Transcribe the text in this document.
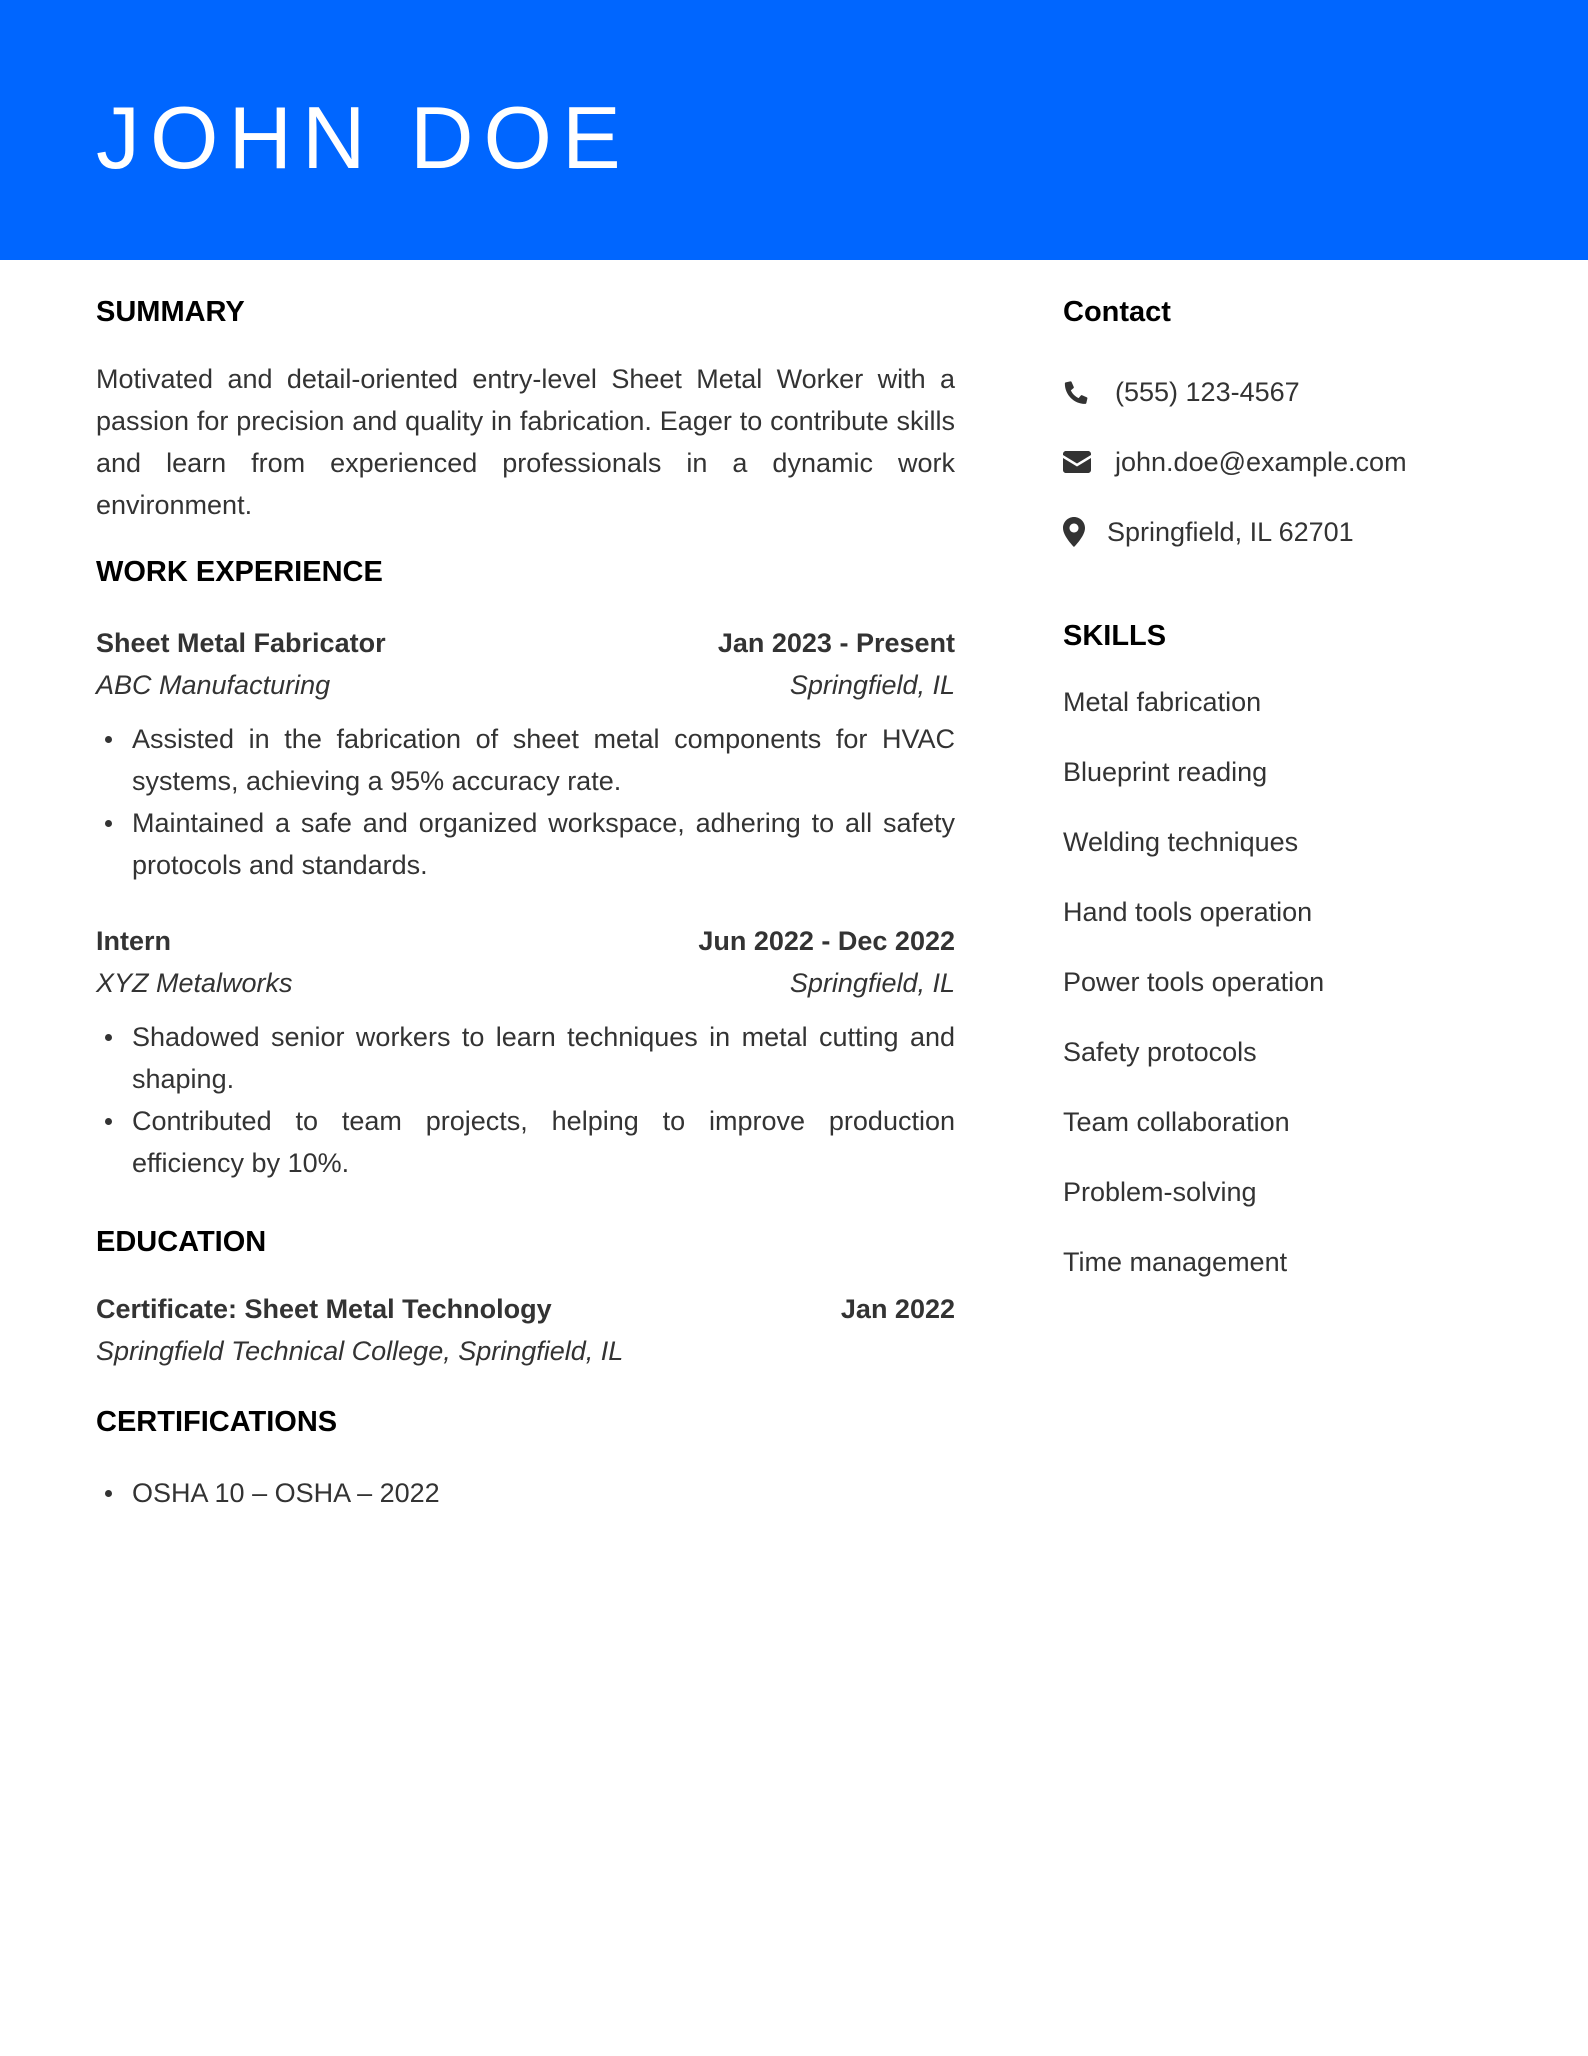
JOHN DOE
SUMMARY

Motivated and detail-oriented entry-level Sheet Metal Worker with a passion for precision and quality in fabrication. Eager to contribute skills and learn from experienced professionals in a dynamic work environment.

WORK EXPERIENCE
Sheet Metal Fabricator	Jan 2023 - Present
ABC Manufacturing	Springfield, IL
Assisted in the fabrication of sheet metal components for HVAC systems, achieving a 95% accuracy rate.
Maintained a safe and organized workspace, adhering to all safety protocols and standards.
Intern	Jun 2022 - Dec 2022
XYZ Metalworks	Springfield, IL
Shadowed senior workers to learn techniques in metal cutting and shaping.
Contributed to team projects, helping to improve production efficiency by 10%.
EDUCATION
Certificate: Sheet Metal Technology	Jan 2022
Springfield Technical College, Springfield, IL
CERTIFICATIONS
OSHA 10 – OSHA – 2022
Contact
(555) 123-4567
john.doe@example.com
Springfield, IL 62701
SKILLS
Metal fabrication
Blueprint reading
Welding techniques
Hand tools operation
Power tools operation
Safety protocols
Team collaboration
Problem-solving
Time management
